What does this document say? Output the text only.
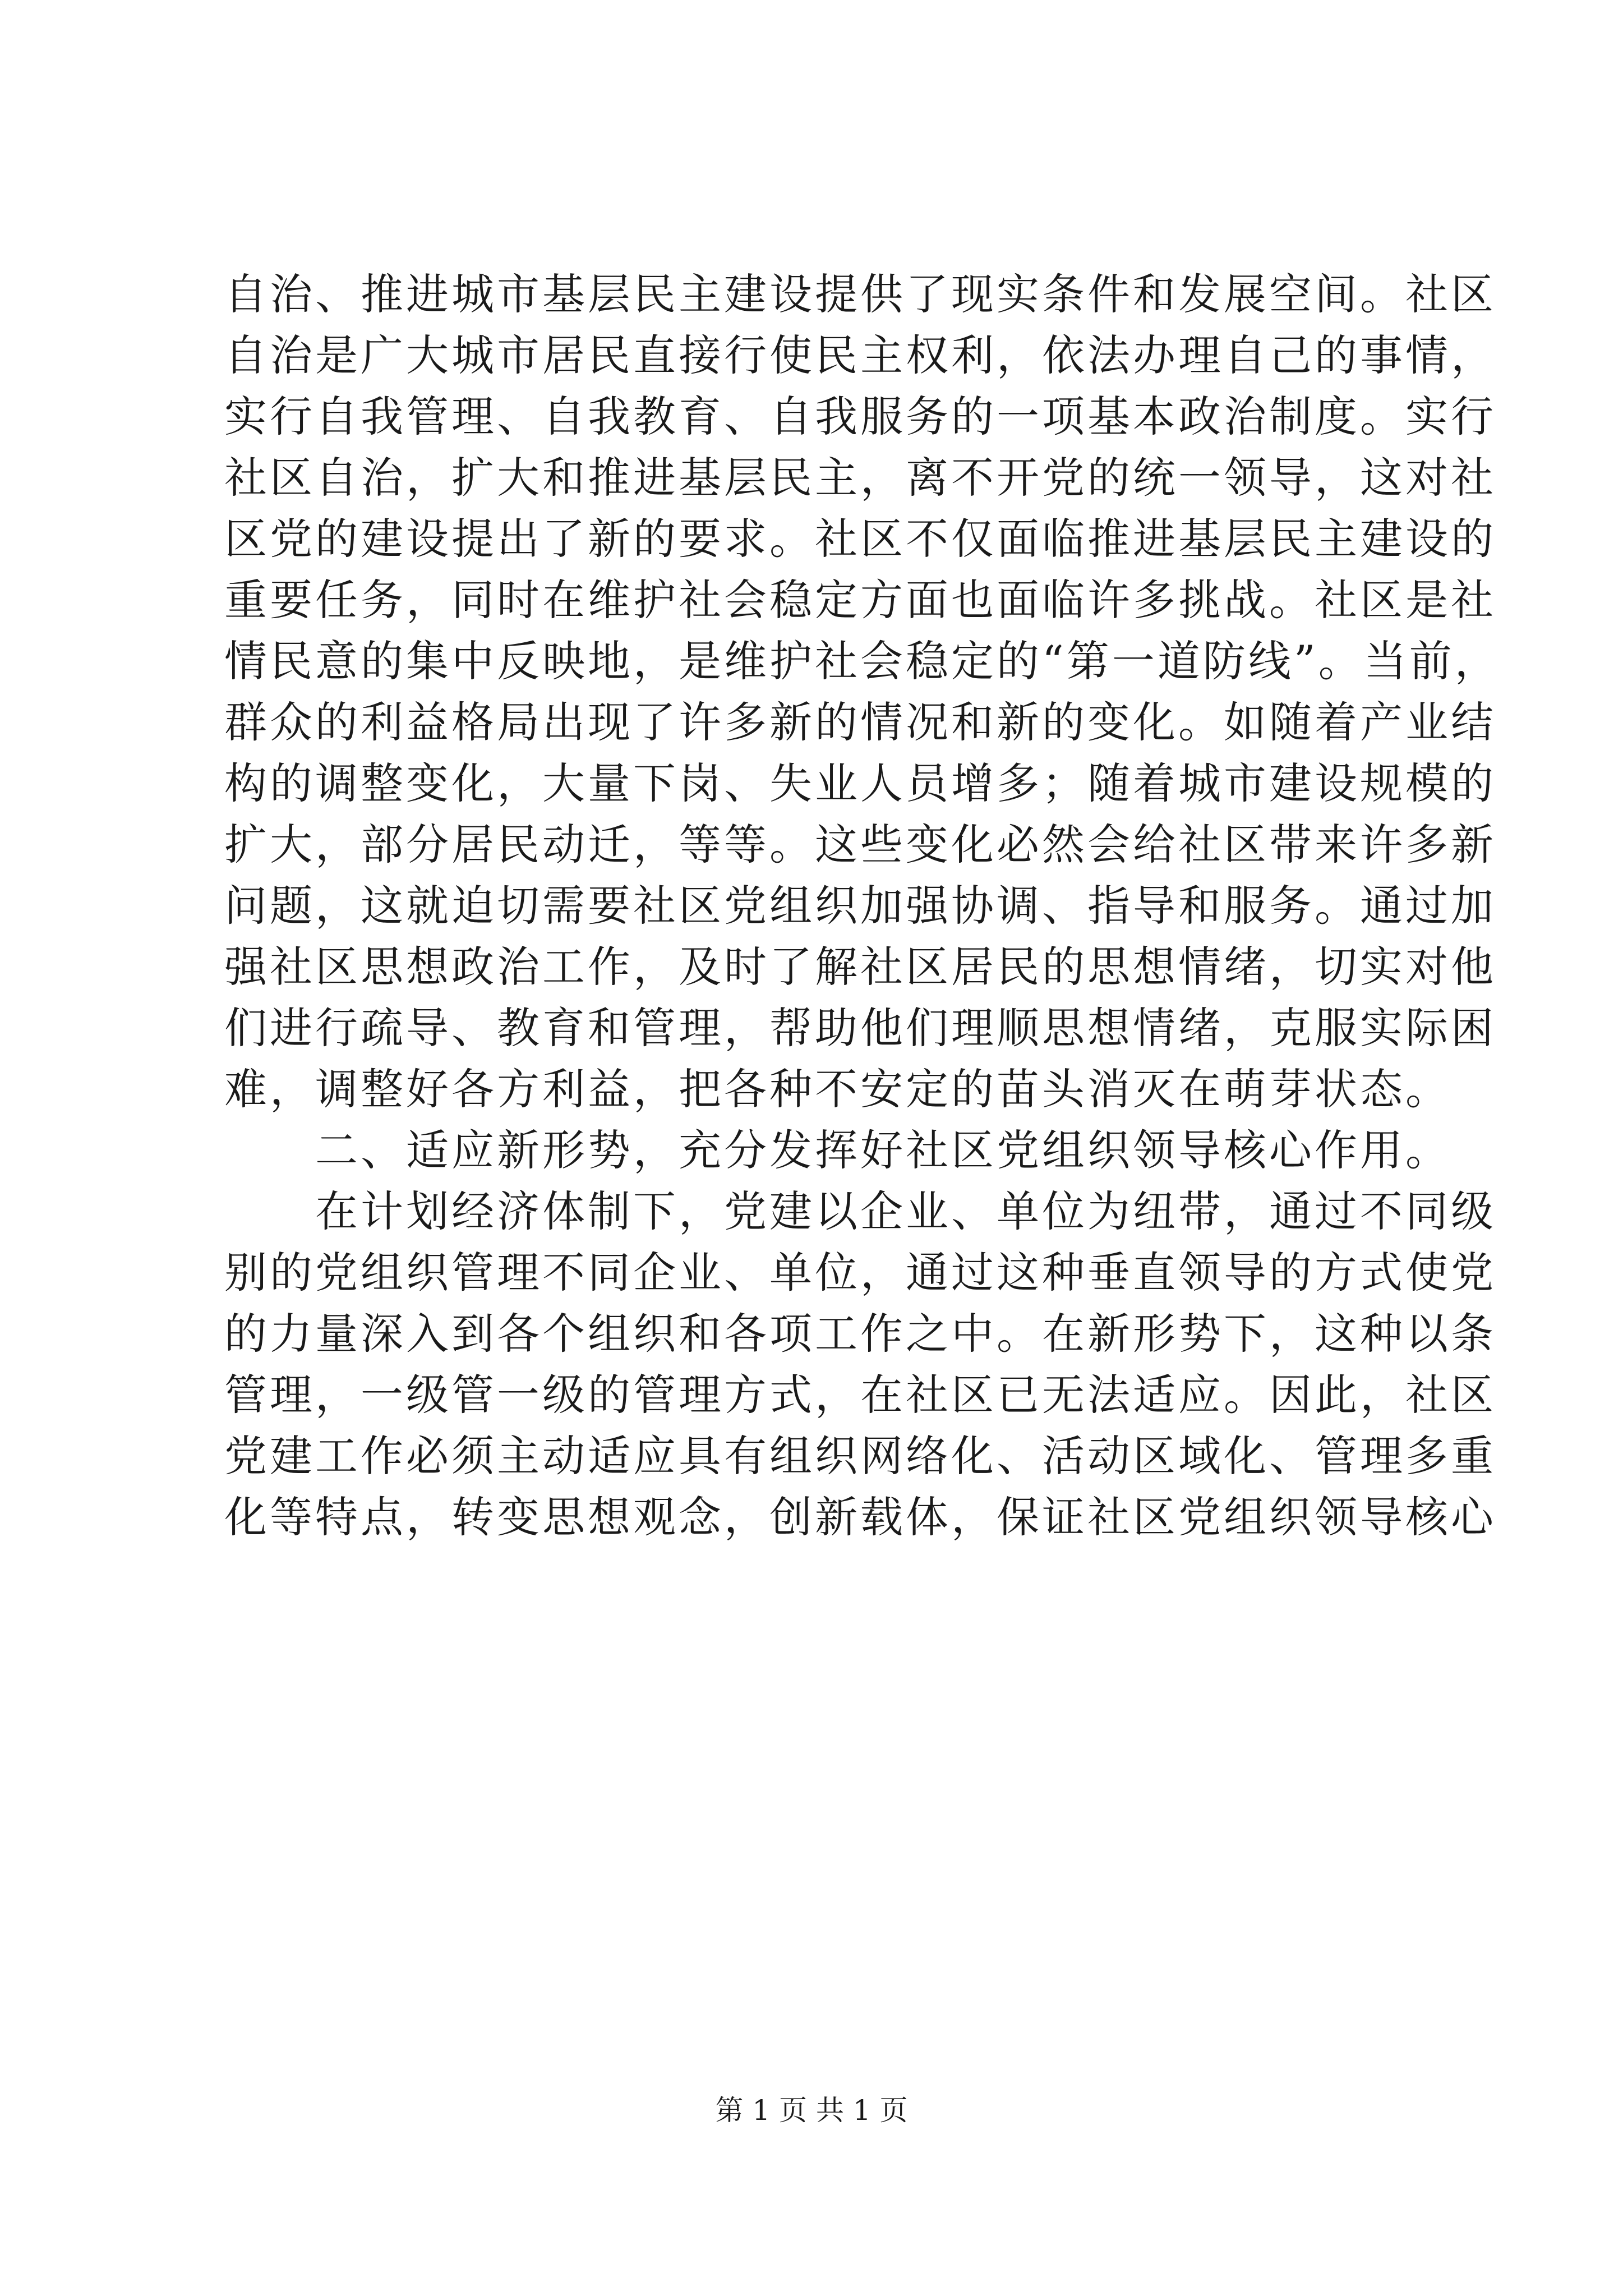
自治、推进城市基层民主建设提供了现实条件和发展空间。社区
自治是广大城市居民直接行使民主权利，依法办理自己的事情，
实行自我管理、自我教育、自我服务的一项基本政治制度。实行
社区自治，扩大和推进基层民主，离不开党的统一领导，这对社
区党的建设提出了新的要求。社区不仅面临推进基层民主建设的
重要任务，同时在维护社会稳定方面也面临许多挑战。社区是社
情民意的集中反映地，是维护社会稳定的“第一道防线”。当前，
群众的利益格局出现了许多新的情况和新的变化。如随着产业结
构的调整变化，大量下岗、失业人员增多；随着城市建设规模的
扩大，部分居民动迁，等等。这些变化必然会给社区带来许多新
问题，这就迫切需要社区党组织加强协调、指导和服务。通过加
强社区思想政治工作，及时了解社区居民的思想情绪，切实对他
们进行疏导、教育和管理，帮助他们理顺思想情绪，克服实际困
难，调整好各方利益，把各种不安定的苗头消灭在萌芽状态。
　　二、适应新形势，充分发挥好社区党组织领导核心作用。
　　在计划经济体制下，党建以企业、单位为纽带，通过不同级
别的党组织管理不同企业、单位，通过这种垂直领导的方式使党
的力量深入到各个组织和各项工作之中。在新形势下，这种以条
管理，一级管一级的管理方式，在社区已无法适应。因此，社区
党建工作必须主动适应具有组织网络化、活动区域化、管理多重
化等特点，转变思想观念，创新载体，保证社区党组织领导核心
第 1 页 共 1 页
